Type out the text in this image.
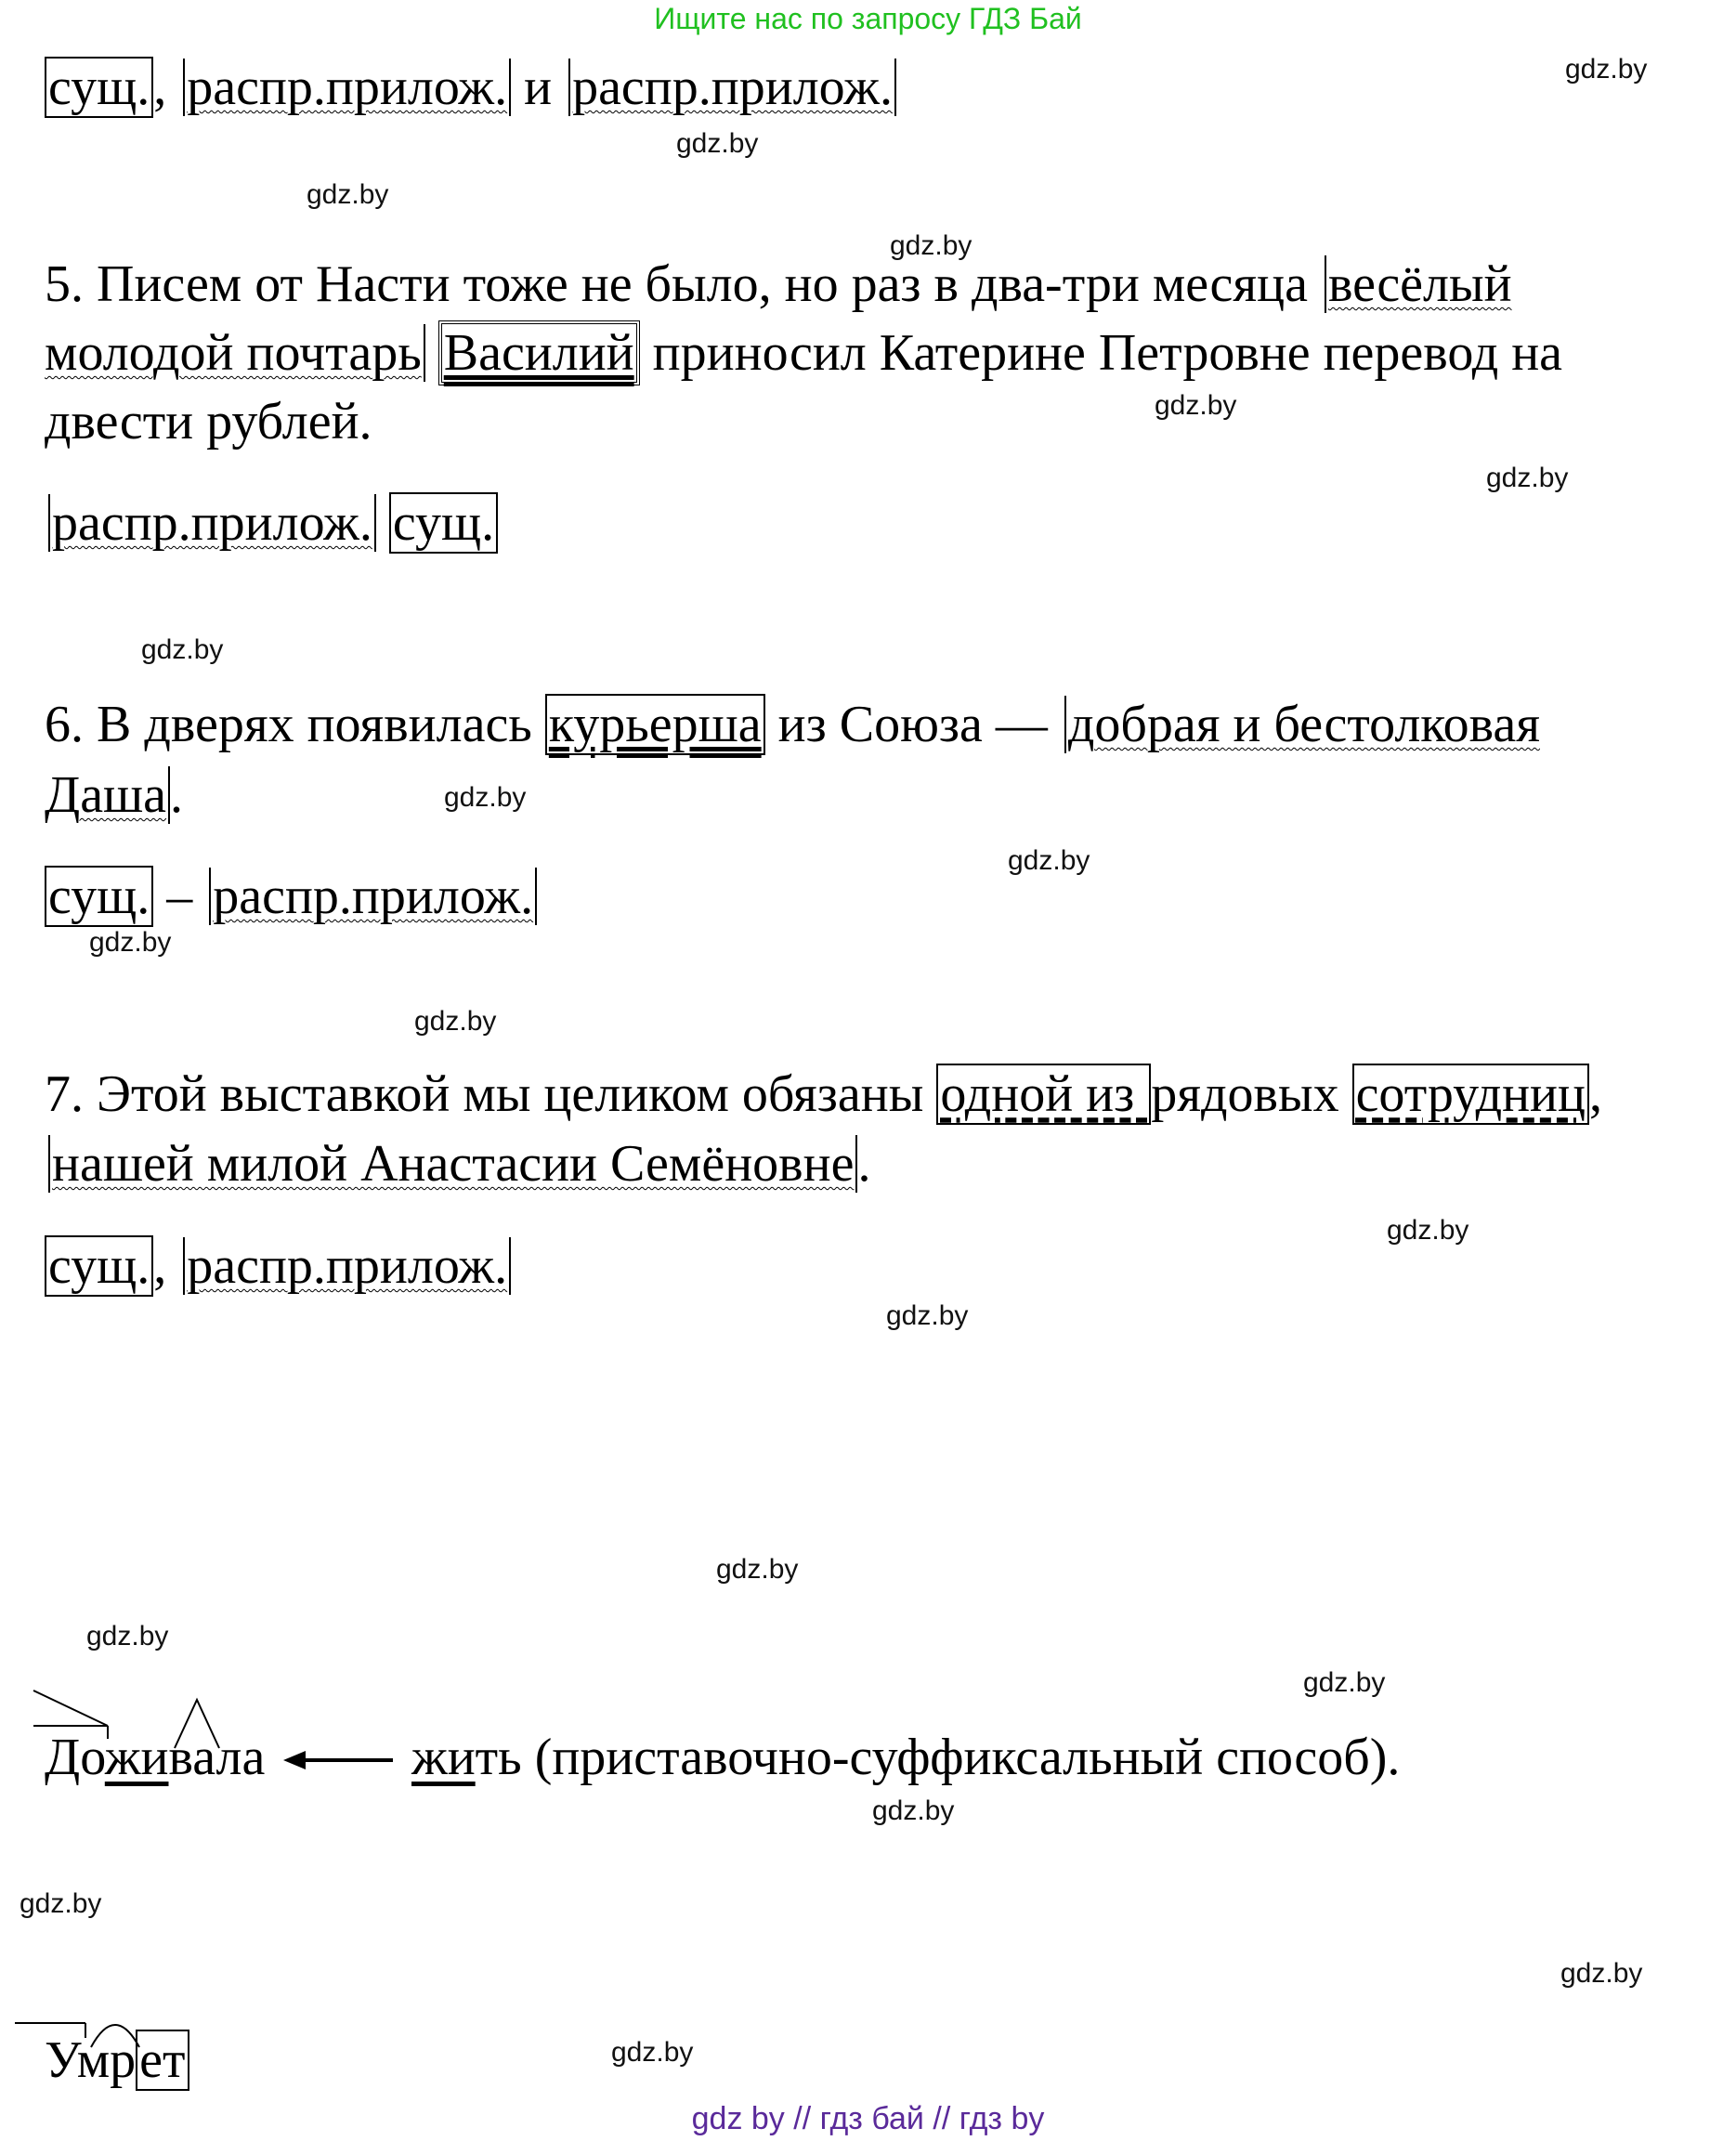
Ищите нас по запросу ГДЗ Бай
gdz.by
gdz.by
gdz.by
gdz.by
gdz.by
gdz.by
gdz.by
gdz.by
gdz.by
gdz.by
gdz.by
gdz.by
gdz.by
gdz.by
gdz.by
gdz.by
gdz.by
gdz.by
gdz.by
gdz.by
сущ., распр.прилож. и распр.прилож.
5. Писем от Насти тоже не было, но раз в два-три месяца весёлый
молодой почтарь Василий приносил Катерине Петровне перевод на
двести рублей.
распр.прилож. сущ.
6. В дверях появилась курьерша из Союза — добрая и бестолковая
Даша.
сущ. – распр.прилож.
7. Этой выставкой мы целиком обязаны одной из рядовых сотрудниц,
нашей милой Анастасии Семёновне.
сущ., распр.прилож.
Доживала	жить (приставочно-суффиксальный способ).
Умрет
gdz by // гдз бай // гдз by
